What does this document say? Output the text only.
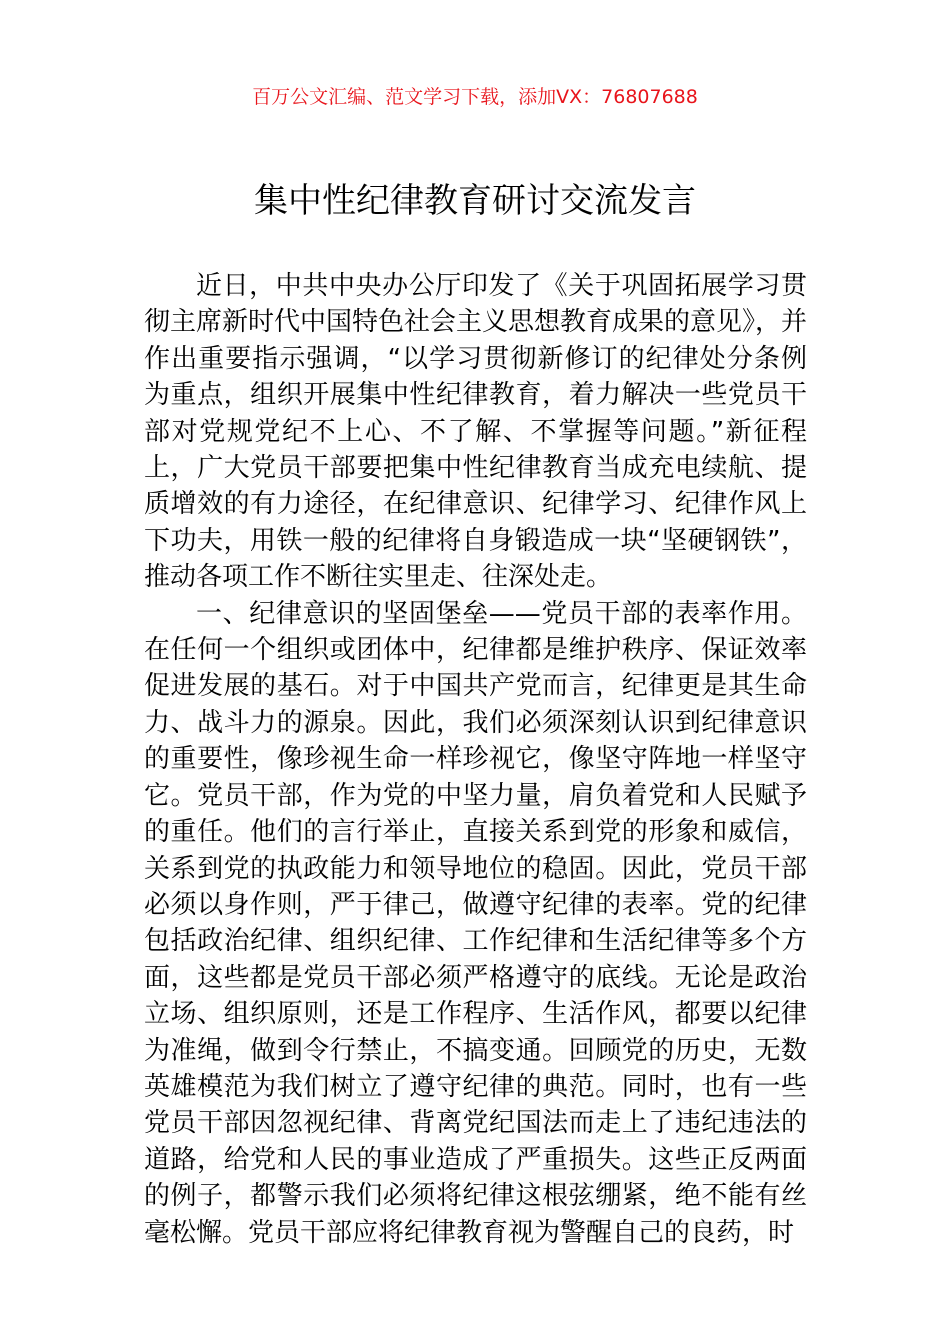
百万公文汇编、范文学习下载，添加VX：76807688
集中性纪律教育研讨交流发言

近日，中共中央办公厅印发了《关于巩固拓展学习贯彻主席新时代中国特色社会主义思想教育成果的意见》，并作出重要指示强调，“以学习贯彻新修订的纪律处分条例为重点，组织开展集中性纪律教育，着力解决一些党员干部对党规党纪不上心、不了解、不掌握等问题。”新征程上，广大党员干部要把集中性纪律教育当成充电续航、提质增效的有力途径，在纪律意识、纪律学习、纪律作风上下功夫，用铁一般的纪律将自身锻造成一块“坚硬钢铁”，推动各项工作不断往实里走、往深处走。

一、纪律意识的坚固堡垒——党员干部的表率作用。在任何一个组织或团体中，纪律都是维护秩序、保证效率促进发展的基石。对于中国共产党而言，纪律更是其生命力、战斗力的源泉。因此，我们必须深刻认识到纪律意识的重要性，像珍视生命一样珍视它，像坚守阵地一样坚守它。党员干部，作为党的中坚力量，肩负着党和人民赋予的重任。他们的言行举止，直接关系到党的形象和威信，关系到党的执政能力和领导地位的稳固。因此，党员干部必须以身作则，严于律己，做遵守纪律的表率。党的纪律包括政治纪律、组织纪律、工作纪律和生活纪律等多个方面，这些都是党员干部必须严格遵守的底线。无论是政治立场、组织原则，还是工作程序、生活作风，都要以纪律为准绳，做到令行禁止，不搞变通。回顾党的历史，无数英雄模范为我们树立了遵守纪律的典范。同时，也有一些党员干部因忽视纪律、背离党纪国法而走上了违纪违法的道路，给党和人民的事业造成了严重损失。这些正反两面的例子，都警示我们必须将纪律这根弦绷紧，绝不能有丝毫松懈。党员干部应将纪律教育视为警醒自己的良药，时
